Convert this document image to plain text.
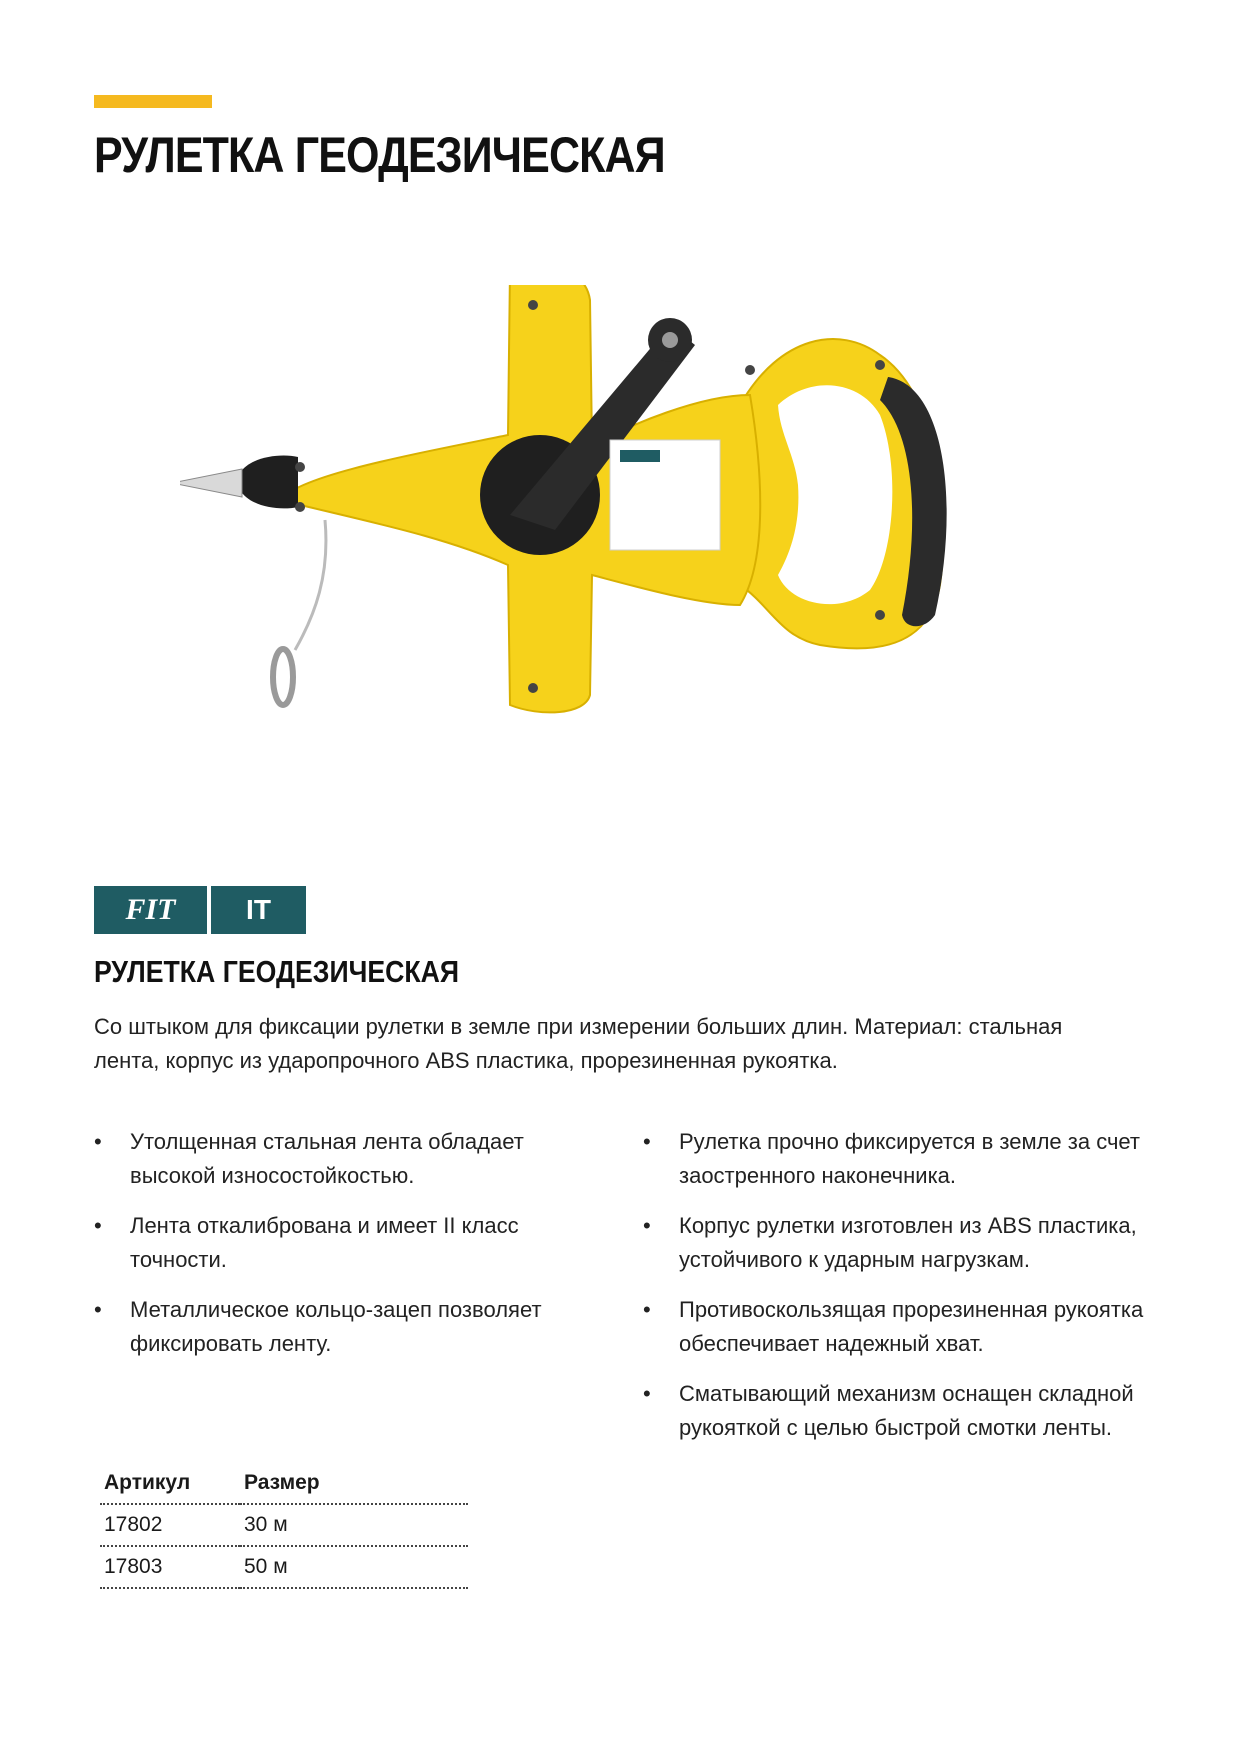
РУЛЕТКА ГЕОДЕЗИЧЕСКАЯ
FIT	IT
РУЛЕТКА ГЕОДЕЗИЧЕСКАЯ

Со штыком для фиксации рулетки в земле при измерении больших длин. Материал: стальная лента, корпус из ударопрочного ABS пластика, прорезиненная рукоятка.

• Утолщенная стальная лента обладает высокой износостойкостью.
• Лента откалибрована и имеет II класс точности.
• Металлическое кольцо-зацеп позволяет фиксировать ленту.
• Рулетка прочно фиксируется в земле за счет заостренного наконечника.
• Корпус рулетки изготовлен из ABS пластика, устойчивого к ударным нагрузкам.
• Противоскользящая прорезиненная рукоятка обеспечивает надежный хват.
• Сматывающий механизм оснащен складной рукояткой с целью быстрой смотки ленты.
Артикул	Размер
17802	30 м
17803	50 м
